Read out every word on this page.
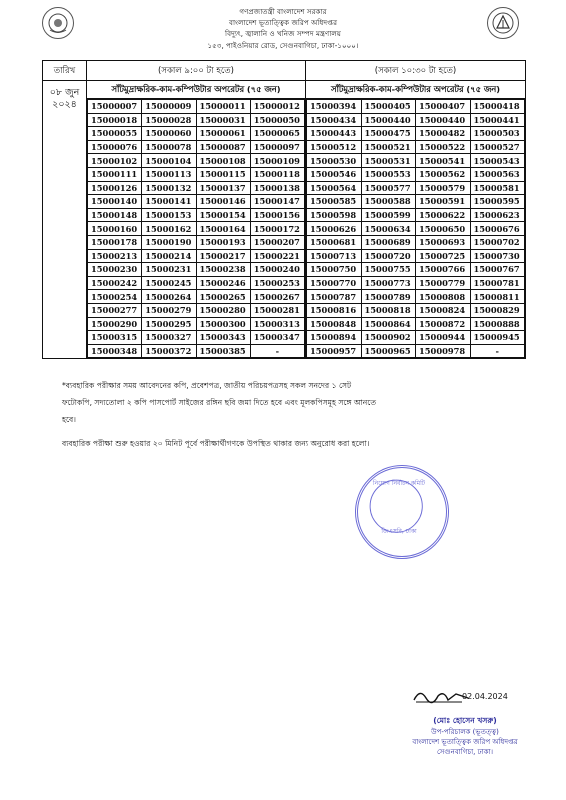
গণপ্রজাতন্ত্রী বাংলাদেশ সরকার
বাংলাদেশ ভূতাত্ত্বিক জরিপ অধিদপ্তর
বিদ্যুৎ, জ্বালানি ও খনিজ সম্পদ মন্ত্রণালয়
১৫৩, পাইওনিয়ার রোড, সেগুনবাগিচা, ঢাকা-১০০০।
তারিখ	(সকাল ৯:০০ টা হতে)	(সকাল ১০:৩০ টা হতে)

০৮ জুন
২০২৪
	সাঁটমুদ্রাক্ষরিক-কাম-কম্পিউটার অপরেটর (৭৫ জন)	সাঁটমুদ্রাক্ষরিক-কাম-কম্পিউটার অপরেটর (৭৫ জন)

15000007	15000009	15000011	15000012
15000018	15000028	15000031	15000050
15000055	15000060	15000061	15000065
15000076	15000078	15000087	15000097
15000102	15000104	15000108	15000109
15000111	15000113	15000115	15000118
15000126	15000132	15000137	15000138
15000140	15000141	15000146	15000147
15000148	15000153	15000154	15000156
15000160	15000162	15000164	15000172
15000178	15000190	15000193	15000207
15000213	15000214	15000217	15000221
15000230	15000231	15000238	15000240
15000242	15000245	15000246	15000253
15000254	15000264	15000265	15000267
15000277	15000279	15000280	15000281
15000290	15000295	15000300	15000313
15000315	15000327	15000343	15000347
15000348	15000372	15000385	-

15000394	15000405	15000407	15000418
15000434	15000440	15000440	15000441
15000443	15000475	15000482	15000503
15000512	15000521	15000522	15000527
15000530	15000531	15000541	15000543
15000546	15000553	15000562	15000563
15000564	15000577	15000579	15000581
15000585	15000588	15000591	15000595
15000598	15000599	15000622	15000623
15000626	15000634	15000650	15000676
15000681	15000689	15000693	15000702
15000713	15000720	15000725	15000730
15000750	15000755	15000766	15000767
15000770	15000773	15000779	15000781
15000787	15000789	15000808	15000811
15000816	15000818	15000824	15000829
15000848	15000864	15000872	15000888
15000894	15000902	15000944	15000945
15000957	15000965	15000978	-
*ব্যবহারিক পরীক্ষার সময় আবেদনের কপি, প্রবেশপত্র, জাতীয় পরিচয়পত্রসহ সকল সনদের ১ সেট
ফটোকপি, সদ্যতোলা ২ কপি পাসপোর্ট সাইজের রঙ্গিন ছবি জমা দিতে হবে এবং মূলকপিসমূহ সঙ্গে আনতে
হবে।
ব্যবহারিক পরীক্ষা শুরু হওয়ার ২০ মিনিট পূর্বে পরীক্ষার্থীগণকে উপস্থিত থাকার জন্য অনুরোধ করা হলো।
নিয়োগ নির্বাচন কমিটি
জিএসবি, ঢাকা
02.04.2024
(মোঃ হোসেন খসরু)
উপ-পরিচালক (ভূতত্ত্ব)
বাংলাদেশ ভূতাত্ত্বিক জরিপ অধিদপ্তর
সেগুনবাগিচা, ঢাকা।
